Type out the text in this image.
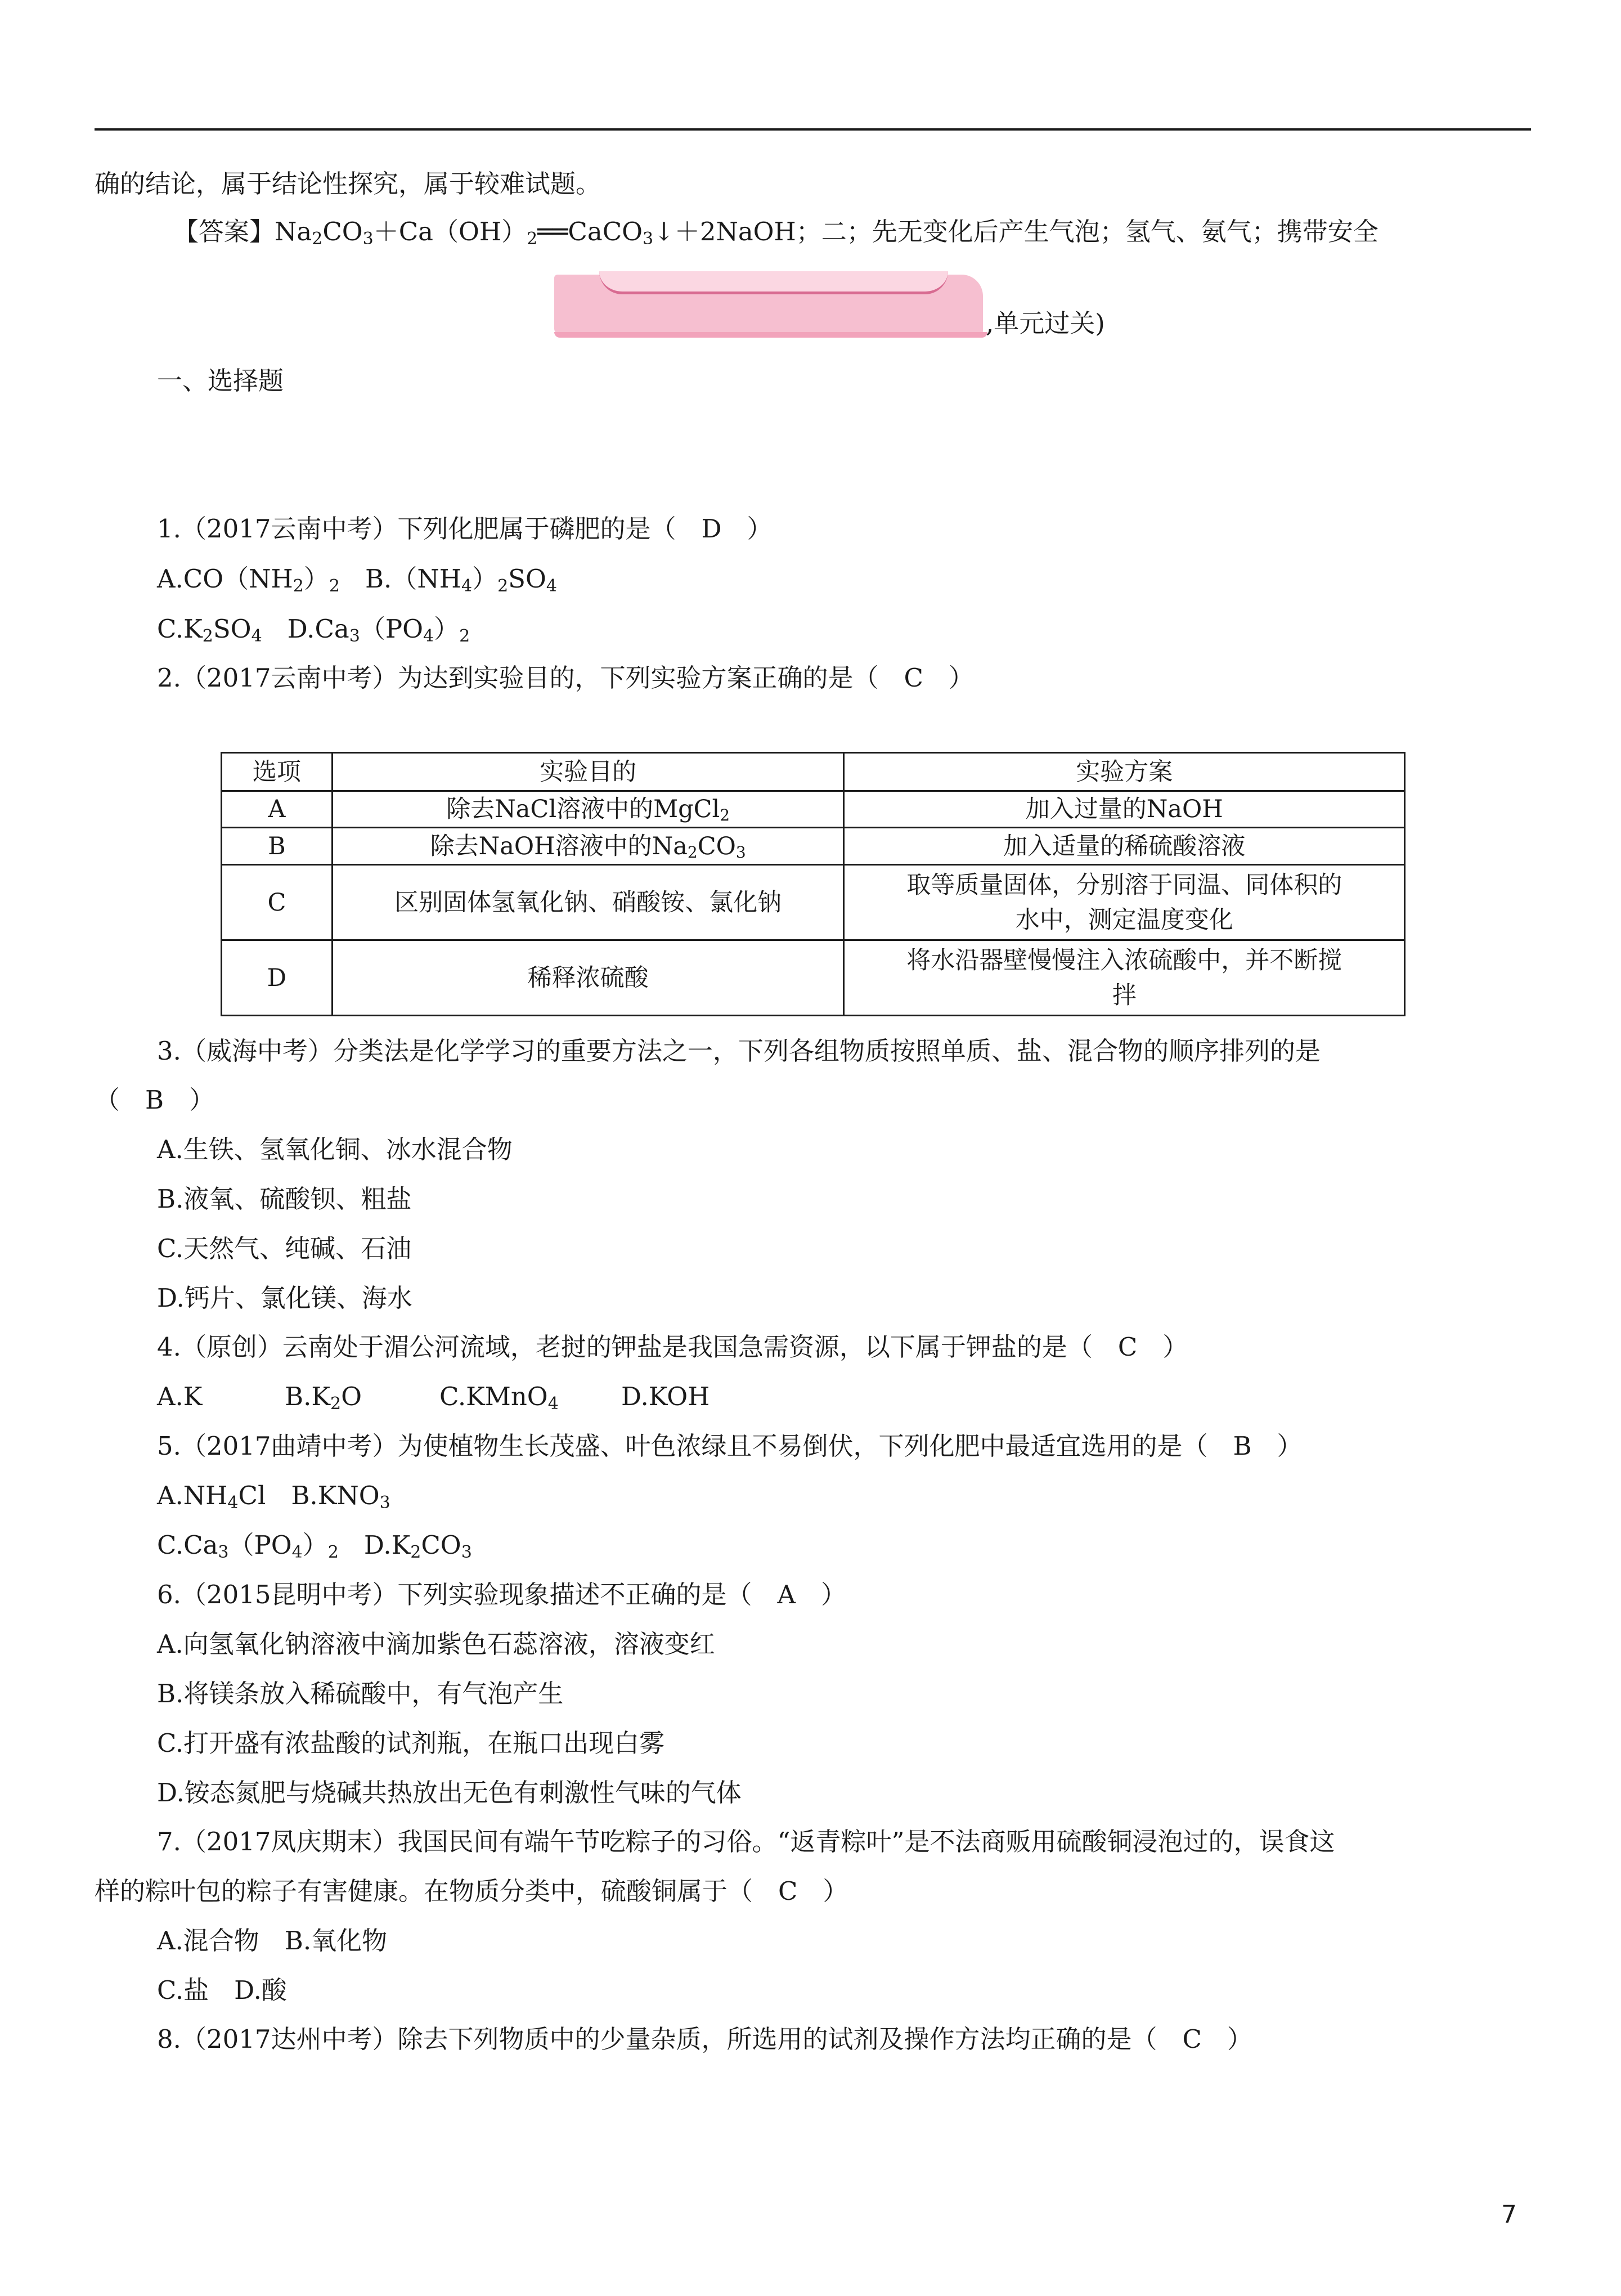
确的结论，属于结论性探究，属于较难试题。
【答案】$Na_2CO_3+Ca(OH)_2══CaCO_3↓+2NaOH$；二；先无变化后产生气泡；氢气、氨气；携带安全
,单元过关)
一、选择题
1.（2017云南中考）下列化肥属于磷肥的是（　D　）
$A.CO(NH_2)_2$　$B.(NH_4)_2SO_4$
$C.K_2SO_4$　$D.Ca_3(PO_4)_2$
2.（2017云南中考）为达到实验目的，下列实验方案正确的是（　C　）
选项	实验目的	实验方案
A	除去NaCl溶液中的MgCl$_2$	加入过量的NaOH
B	除去NaOH溶液中的$Na_2CO_3$	加入适量的稀硫酸溶液
C	区别固体氢氧化钠、硝酸铵、氯化钠	取等质量固体，分别溶于同温、同体积的
水中，测定温度变化

D	稀释浓硫酸	将水沿器壁慢慢注入浓硫酸中，并不断搅
拌
3.（威海中考）分类法是化学学习的重要方法之一，下列各组物质按照单质、盐、混合物的顺序排列的是
（　B　）
A.生铁、氢氧化铜、冰水混合物
B.液氧、硫酸钡、粗盐
C.天然气、纯碱、石油
D.钙片、氯化镁、海水
4.（原创）云南处于湄公河流域，老挝的钾盐是我国急需资源，以下属于钾盐的是（　C　）
A.K	$B.K_2O$	C.KMnO$_4$ D.KOH
5.（2017曲靖中考）为使植物生长茂盛、叶色浓绿且不易倒伏，下列化肥中最适宜选用的是（　B　）
$A.NH_4Cl$　$B.KNO_3$
$C.Ca_3(PO_4)_2$　$D.K_2CO_3$
6.（2015昆明中考）下列实验现象描述不正确的是（　A　）
A.向氢氧化钠溶液中滴加紫色石蕊溶液，溶液变红
B.将镁条放入稀硫酸中，有气泡产生
C.打开盛有浓盐酸的试剂瓶，在瓶口出现白雾
D.铵态氮肥与烧碱共热放出无色有刺激性气味的气体
7.（2017凤庆期末）我国民间有端午节吃粽子的习俗。“返青粽叶”是不法商贩用硫酸铜浸泡过的，误食这
样的粽叶包的粽子有害健康。在物质分类中，硫酸铜属于（　C　）
A.混合物　B.氧化物
C.盐　D.酸
8.（2017达州中考）除去下列物质中的少量杂质，所选用的试剂及操作方法均正确的是（　C　）
7
